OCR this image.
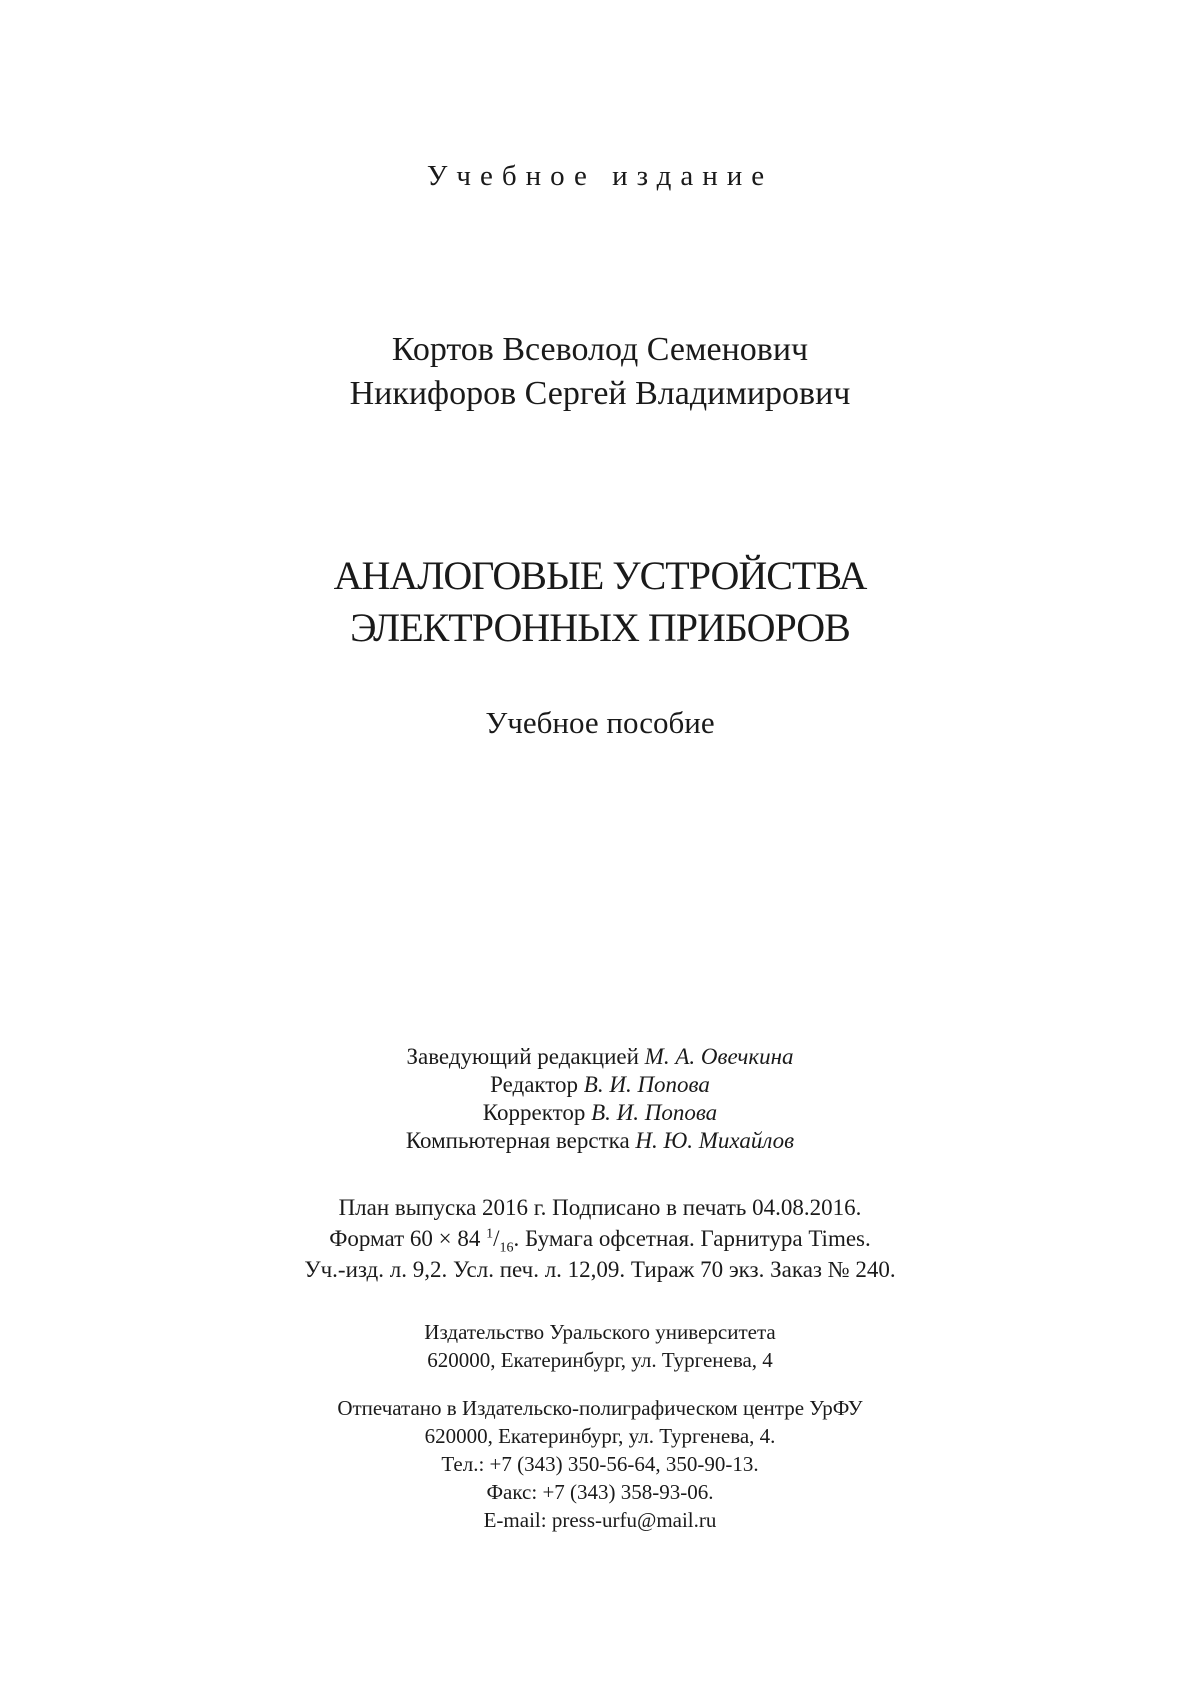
Учебное издание
Кортов Всеволод Семенович
Никифоров Сергей Владимирович
АНАЛОГОВЫЕ УСТРОЙСТВА
ЭЛЕКТРОННЫХ ПРИБОРОВ
Учебное пособие
Заведующий редакцией М. А. Овечкина
Редактор В. И. Попова
Корректор В. И. Попова
Компьютерная верстка Н. Ю. Михайлов
План выпуска 2016 г. Подписано в печать 04.08.2016.
Формат 60 × 84 $^1/_{16}$. Бумага офсетная. Гарнитура Times.
Уч.-изд. л. 9,2. Усл. печ. л. 12,09. Тираж 70 экз. Заказ № 240.
Издательство Уральского университета
620000, Екатеринбург, ул. Тургенева, 4
Отпечатано в Издательско-полиграфическом центре УрФУ
620000, Екатеринбург, ул. Тургенева, 4.
Тел.: +7 (343) 350-56-64, 350-90-13.
Факс: +7 (343) 358-93-06.
E-mail: press-urfu@mail.ru
